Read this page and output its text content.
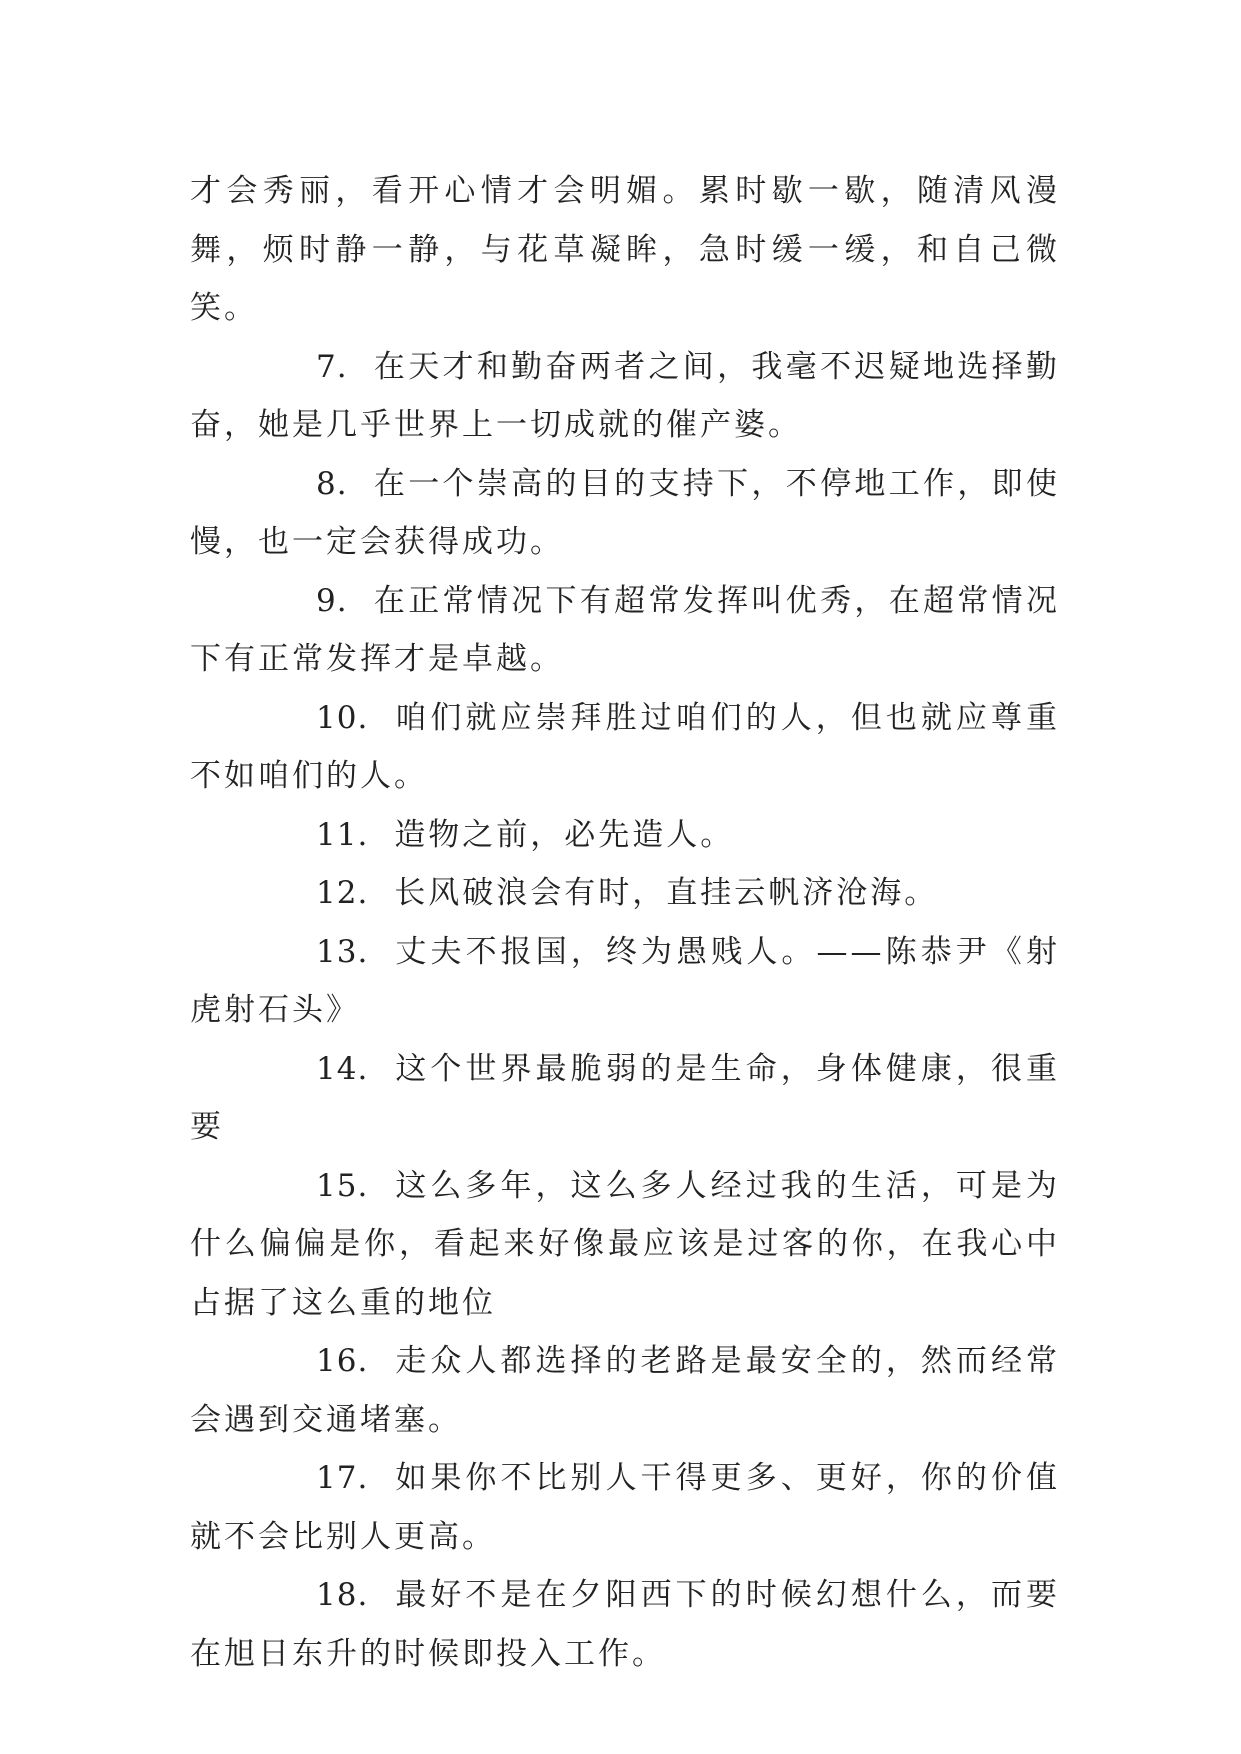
才会秀丽，看开心情才会明媚。累时歇一歇，随清风漫舞，烦时静一静，与花草凝眸，急时缓一缓，和自己微笑。

7. 在天才和勤奋两者之间，我毫不迟疑地选择勤奋，她是几乎世界上一切成就的催产婆。

8. 在一个崇高的目的支持下，不停地工作，即使慢，也一定会获得成功。

9. 在正常情况下有超常发挥叫优秀，在超常情况下有正常发挥才是卓越。

10. 咱们就应崇拜胜过咱们的人，但也就应尊重不如咱们的人。

11. 造物之前，必先造人。

12. 长风破浪会有时，直挂云帆济沧海。

13. 丈夫不报国，终为愚贱人。——陈恭尹《射虎射石头》

14. 这个世界最脆弱的是生命，身体健康，很重要

15. 这么多年，这么多人经过我的生活，可是为什么偏偏是你，看起来好像最应该是过客的你，在我心中占据了这么重的地位

16. 走众人都选择的老路是最安全的，然而经常会遇到交通堵塞。

17. 如果你不比别人干得更多、更好，你的价值就不会比别人更高。

18. 最好不是在夕阳西下的时候幻想什么，而要在旭日东升的时候即投入工作。
